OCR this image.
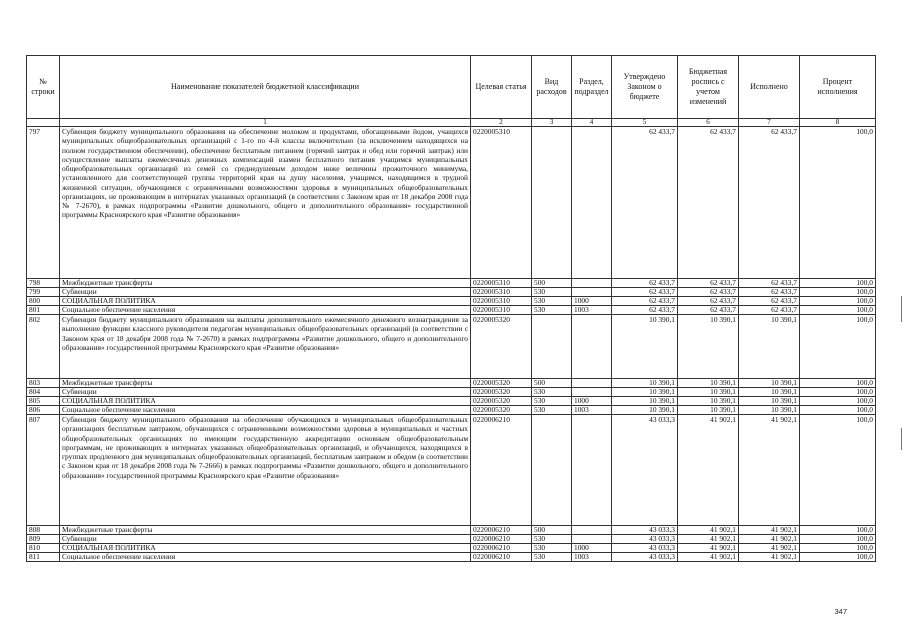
№ строки	Наименование показателей бюджетной классификации	Целевая статья	Вид расходов	Раздел, подраздел	Утверждено Законом о бюджете	Бюджетная роспись с учетом изменений	Исполнено	Процент исполнения
	1	2	3	4	5	6	7	8
797	Субвенция бюджету муниципального образования на обеспечение молоком и продуктами, обогащенными йодом, учащихся муниципальных общеобразовательных организаций с 1-го по 4-й классы включительно (за исключением находящихся на полном государственном обеспечении), обеспечение бесплатным питанием (горячий завтрак и обед или горячий завтрак) или осуществление выплаты ежемесячных денежных компенсаций взамен бесплатного питания учащимся муниципальных общеобразовательных организаций из семей со среднедушевым доходом ниже величины прожиточного минимума, установленного для соответствующей группы территорий края на душу населения, учащимся, находящимся в трудной жизненной ситуации, обучающимся с ограниченными возможностями здоровья в муниципальных общеобразовательных организациях, не проживающим в интернатах указанных организаций (в соответствии с Законом края от 18 декабря 2008 года № 7-2670), в рамках подпрограммы «Развитие дошкольного, общего и дополнительного образования» государственной программы Красноярского края «Развитие образования»	0220005310			62 433,7	62 433,7	62 433,7	100,0
798	Межбюджетные трансферты	0220005310	500		62 433,7	62 433,7	62 433,7	100,0
799	Субвенции	0220005310	530		62 433,7	62 433,7	62 433,7	100,0
800	СОЦИАЛЬНАЯ ПОЛИТИКА	0220005310	530	1000	62 433,7	62 433,7	62 433,7	100,0
801	Социальное обеспечение населения	0220005310	530	1003	62 433,7	62 433,7	62 433,7	100,0
802	Субвенция бюджету муниципального образования на выплаты дополнительного ежемесячного денежного вознаграждения за выполнение функции классного руководителя педагогам муниципальных общеобразовательных организаций (в соответствии с Законом края от 18 декабря 2008 года № 7-2670) в рамках подпрограммы «Развитие дошкольного, общего и дополнительного образования» государственной программы Красноярского края «Развитие образования»	0220005320			10 390,1	10 390,1	10 390,1	100,0
803	Межбюджетные трансферты	0220005320	500		10 390,1	10 390,1	10 390,1	100,0
804	Субвенции	0220005320	530		10 390,1	10 390,1	10 390,1	100,0
805	СОЦИАЛЬНАЯ ПОЛИТИКА	0220005320	530	1000	10 390,1	10 390,1	10 390,1	100,0
806	Социальное обеспечение населения	0220005320	530	1003	10 390,1	10 390,1	10 390,1	100,0
807	Субвенция бюджету муниципального образования на обеспечение обучающихся в муниципальных общеобразовательных организациях бесплатным завтраком, обучающихся с ограниченными возможностями здоровья в муниципальных и частных общеобразовательных организациях по имеющим государственную аккредитацию основным общеобразовательным программам, не проживающих в интернатах указанных общеобразовательных организаций, и обучающихся, находящихся в группах продленного дня муниципальных общеобразовательных организаций, бесплатным завтраком и обедом (в соответствии с Законом края от 18 декабря 2008 года № 7-2666) в рамках подпрограммы «Развитие дошкольного, общего и дополнительного образования» государственной программы Красноярского края «Развитие образования»	0220006210			43 033,3	41 902,1	41 902,1	100,0
808	Межбюджетные трансферты	0220006210	500		43 033,3	41 902,1	41 902,1	100,0
809	Субвенции	0220006210	530		43 033,3	41 902,1	41 902,1	100,0
810	СОЦИАЛЬНАЯ ПОЛИТИКА	0220006210	530	1000	43 033,3	41 902,1	41 902,1	100,0
811	Социальное обеспечение населения	0220006210	530	1003	43 033,3	41 902,1	41 902,1	100,0
347
